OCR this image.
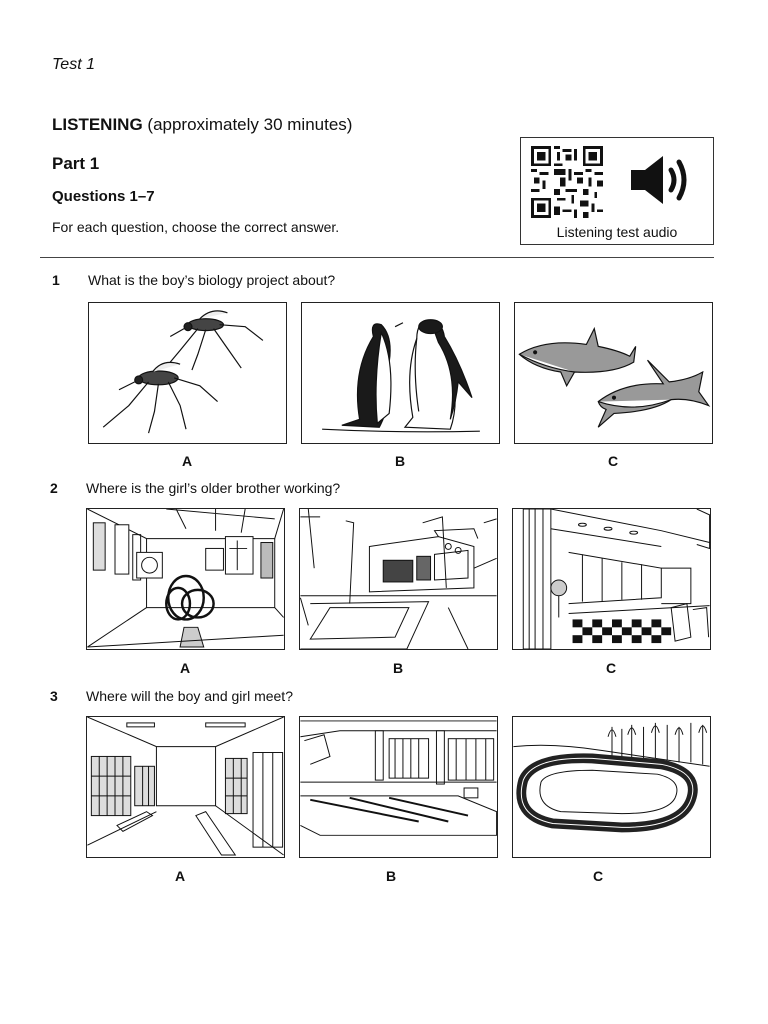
Test 1
LISTENING (approximately 30 minutes)
Part 1
Questions 1–7
For each question, choose the correct answer.	Listening test audio
1 What is the boy’s biology project about?
A	B	C
2 Where is the girl’s older brother working?
A	B	C
3 Where will the boy and girl meet?
A	B	C
